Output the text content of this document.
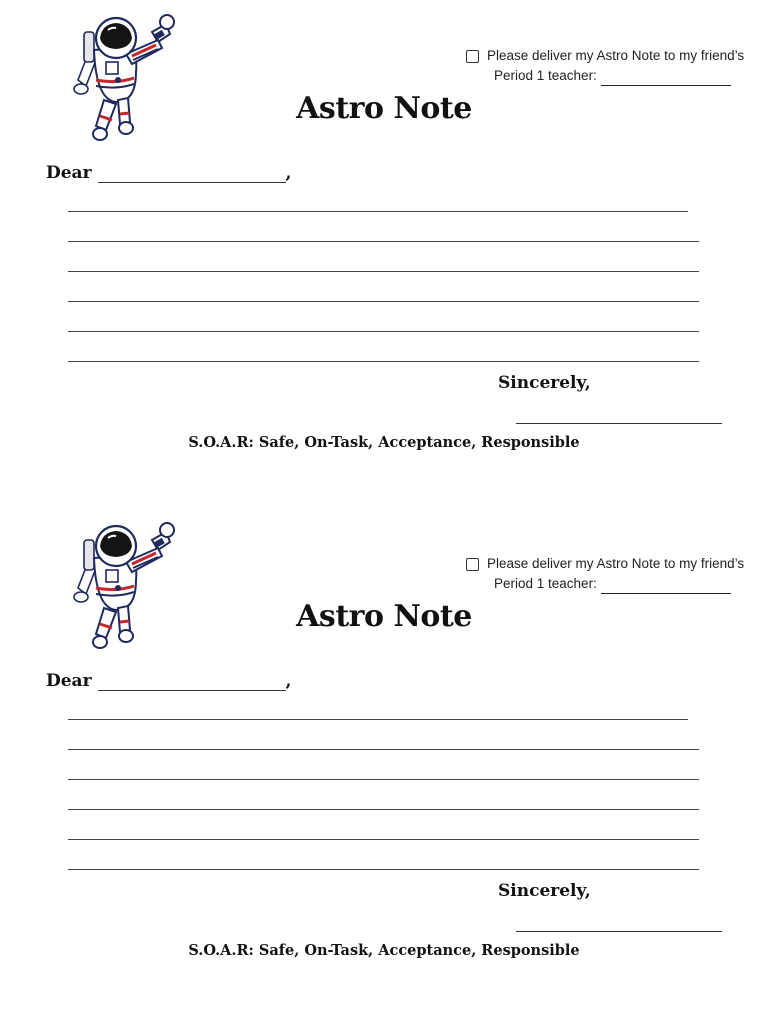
Please deliver my Astro Note to my friend’s
Period 1 teacher:
Astro Note
Dear	,
Sincerely,
S.O.A.R: Safe, On-Task, Acceptance, Responsible
Please deliver my Astro Note to my friend’s
Period 1 teacher:
Astro Note
Dear	,
Sincerely,
S.O.A.R: Safe, On-Task, Acceptance, Responsible
